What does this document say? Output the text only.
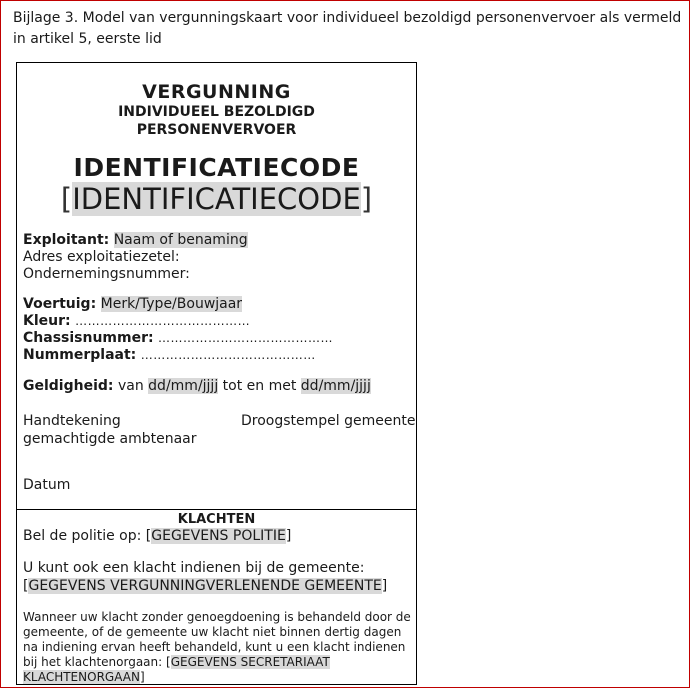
Bijlage 3. Model van vergunningskaart voor individueel bezoldigd personenvervoer als vermeld in artikel 5, eerste lid
VERGUNNING
INDIVIDUEEL BEZOLDIGD
PERSONENVERVOER
IDENTIFICATIECODE
[IDENTIFICATIECODE]
Exploitant: Naam of benaming
Adres exploitatiezetel:
Ondernemingsnummer:
Voertuig: Merk/Type/Bouwjaar
Kleur: ……………………………………
Chassisnummer: ……………………………………
Nummerplaat: ……………………………………
Geldigheid: van dd/mm/jjjj tot en met dd/mm/jjjj
Handtekening
gemachtigde ambtenaar
Droogstempel gemeente
Datum
KLACHTEN
Bel de politie op: [GEGEVENS POLITIE]
U kunt ook een klacht indienen bij de gemeente:
[GEGEVENS VERGUNNINGVERLENENDE GEMEENTE]
Wanneer uw klacht zonder genoegdoening is behandeld door de gemeente, of de gemeente uw klacht niet binnen dertig dagen na indiening ervan heeft behandeld, kunt u een klacht indienen bij het klachtenorgaan: [GEGEVENS SECRETARIAAT KLACHTENORGAAN]
